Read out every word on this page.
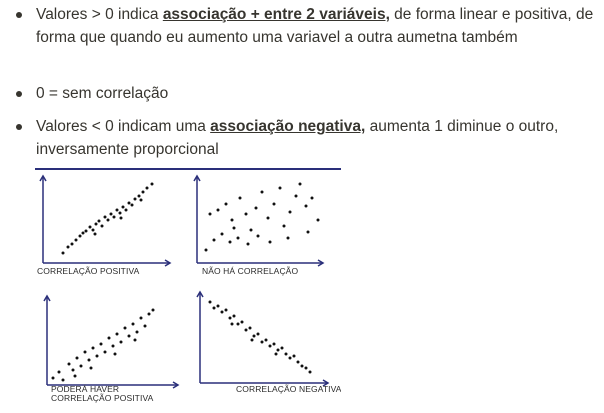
Valores > 0 indica associação + entre 2 variáveis, de forma linear e positiva, de forma que quando eu aumento uma variavel a outra aumetna também
0 = sem correlação
Valores < 0 indicam uma associação negativa, aumenta 1 diminue o outro, inversamente proporcional
CORRELAÇÃO POSITIVA	NÃO HÁ CORRELAÇÃO
PODERÁ HAVER
CORRELAÇÃO POSITIVA
CORRELAÇÃO NEGATIVA
